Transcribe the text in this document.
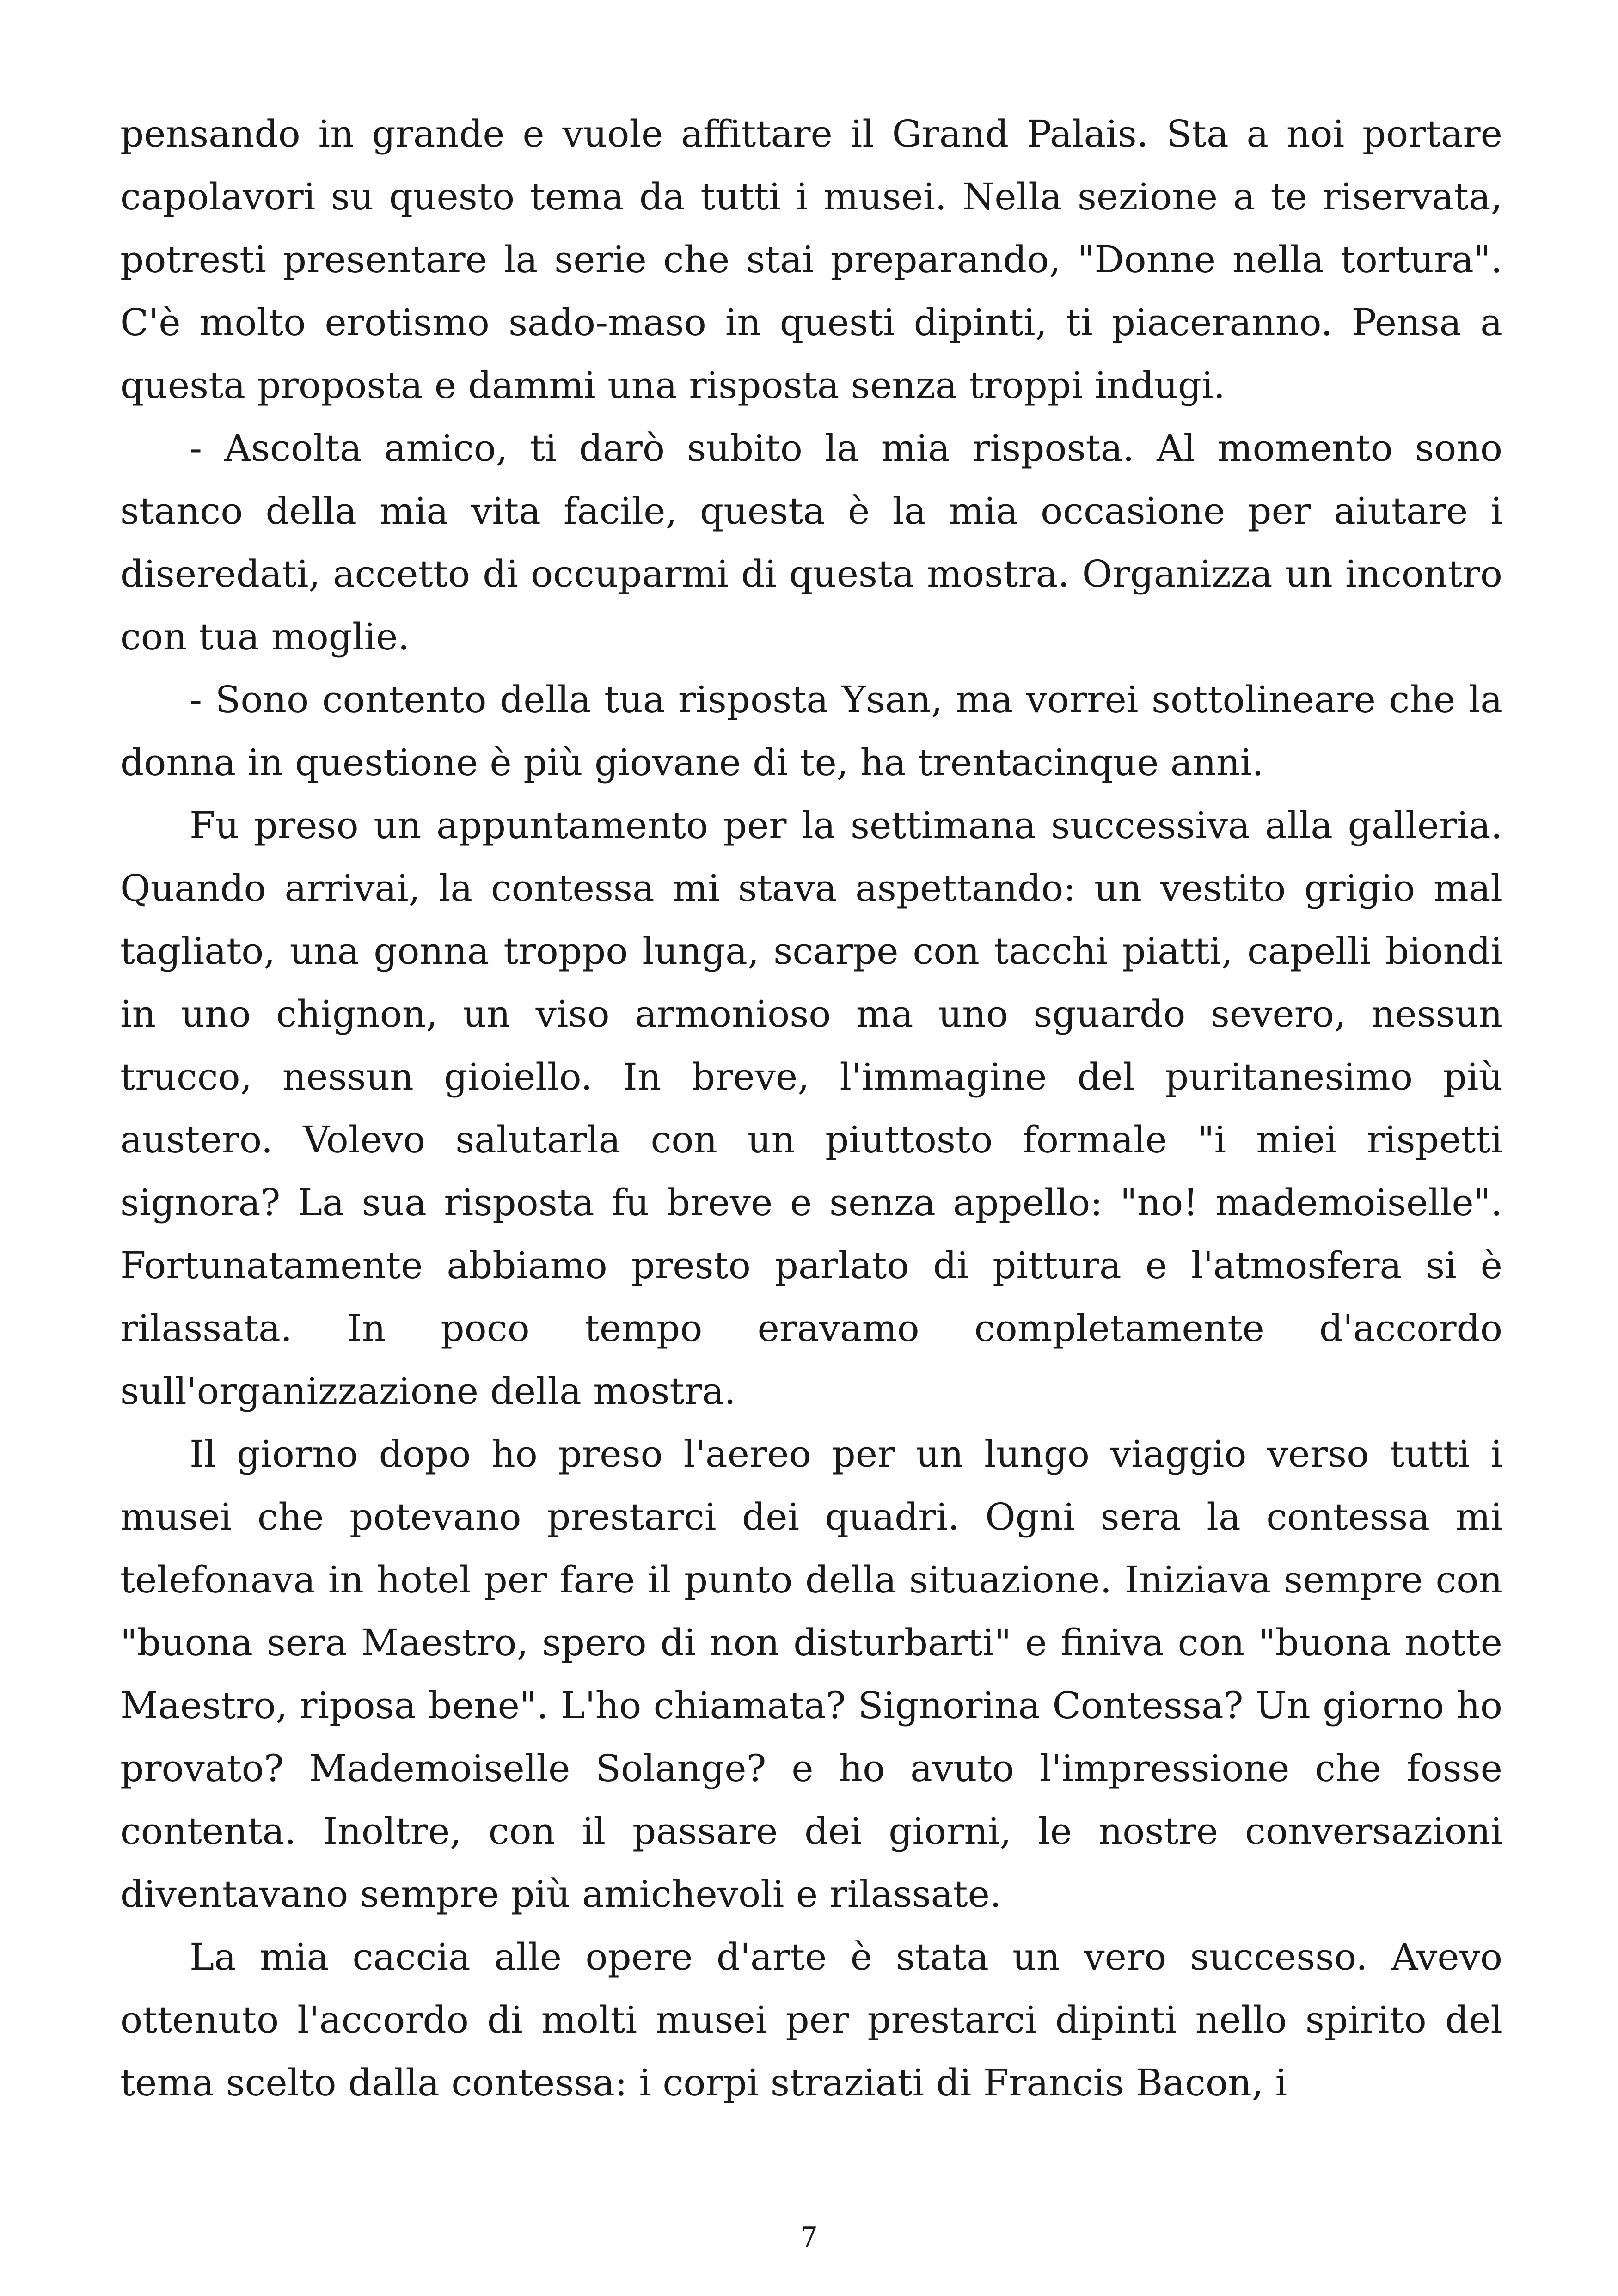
pensando in grande e vuole affittare il Grand Palais. Sta a noi portare capolavori su questo tema da tutti i musei. Nella sezione a te riservata, potresti presentare la serie che stai preparando, "Donne nella tortura". C'è molto erotismo sado-maso in questi dipinti, ti piaceranno. Pensa a questa proposta e dammi una risposta senza troppi indugi.

- Ascolta amico, ti darò subito la mia risposta. Al momento sono stanco della mia vita facile, questa è la mia occasione per aiutare i diseredati, accetto di occuparmi di questa mostra. Organizza un incontro con tua moglie.

- Sono contento della tua risposta Ysan, ma vorrei sottolineare che la donna in questione è più giovane di te, ha trentacinque anni.

Fu preso un appuntamento per la settimana successiva alla galleria. Quando arrivai, la contessa mi stava aspettando: un vestito grigio mal tagliato, una gonna troppo lunga, scarpe con tacchi piatti, capelli biondi in uno chignon, un viso armonioso ma uno sguardo severo, nessun trucco, nessun gioiello. In breve, l'immagine del puritanesimo più austero. Volevo salutarla con un piuttosto formale "i miei rispetti signora? La sua risposta fu breve e senza appello: "no! mademoiselle". Fortunatamente abbiamo presto parlato di pittura e l'atmosfera si è rilassata. In poco tempo eravamo completamente d'accordo sull'organizzazione della mostra.

Il giorno dopo ho preso l'aereo per un lungo viaggio verso tutti i musei che potevano prestarci dei quadri. Ogni sera la contessa mi telefonava in hotel per fare il punto della situazione. Iniziava sempre con "buona sera Maestro, spero di non disturbarti" e finiva con "buona notte Maestro, riposa bene". L'ho chiamata? Signorina Contessa? Un giorno ho provato? Mademoiselle Solange? e ho avuto l'impressione che fosse contenta. Inoltre, con il passare dei giorni, le nostre conversazioni diventavano sempre più amichevoli e rilassate.

La mia caccia alle opere d'arte è stata un vero successo. Avevo ottenuto l'accordo di molti musei per prestarci dipinti nello spirito del tema scelto dalla contessa: i corpi straziati di Francis Bacon, i

7
